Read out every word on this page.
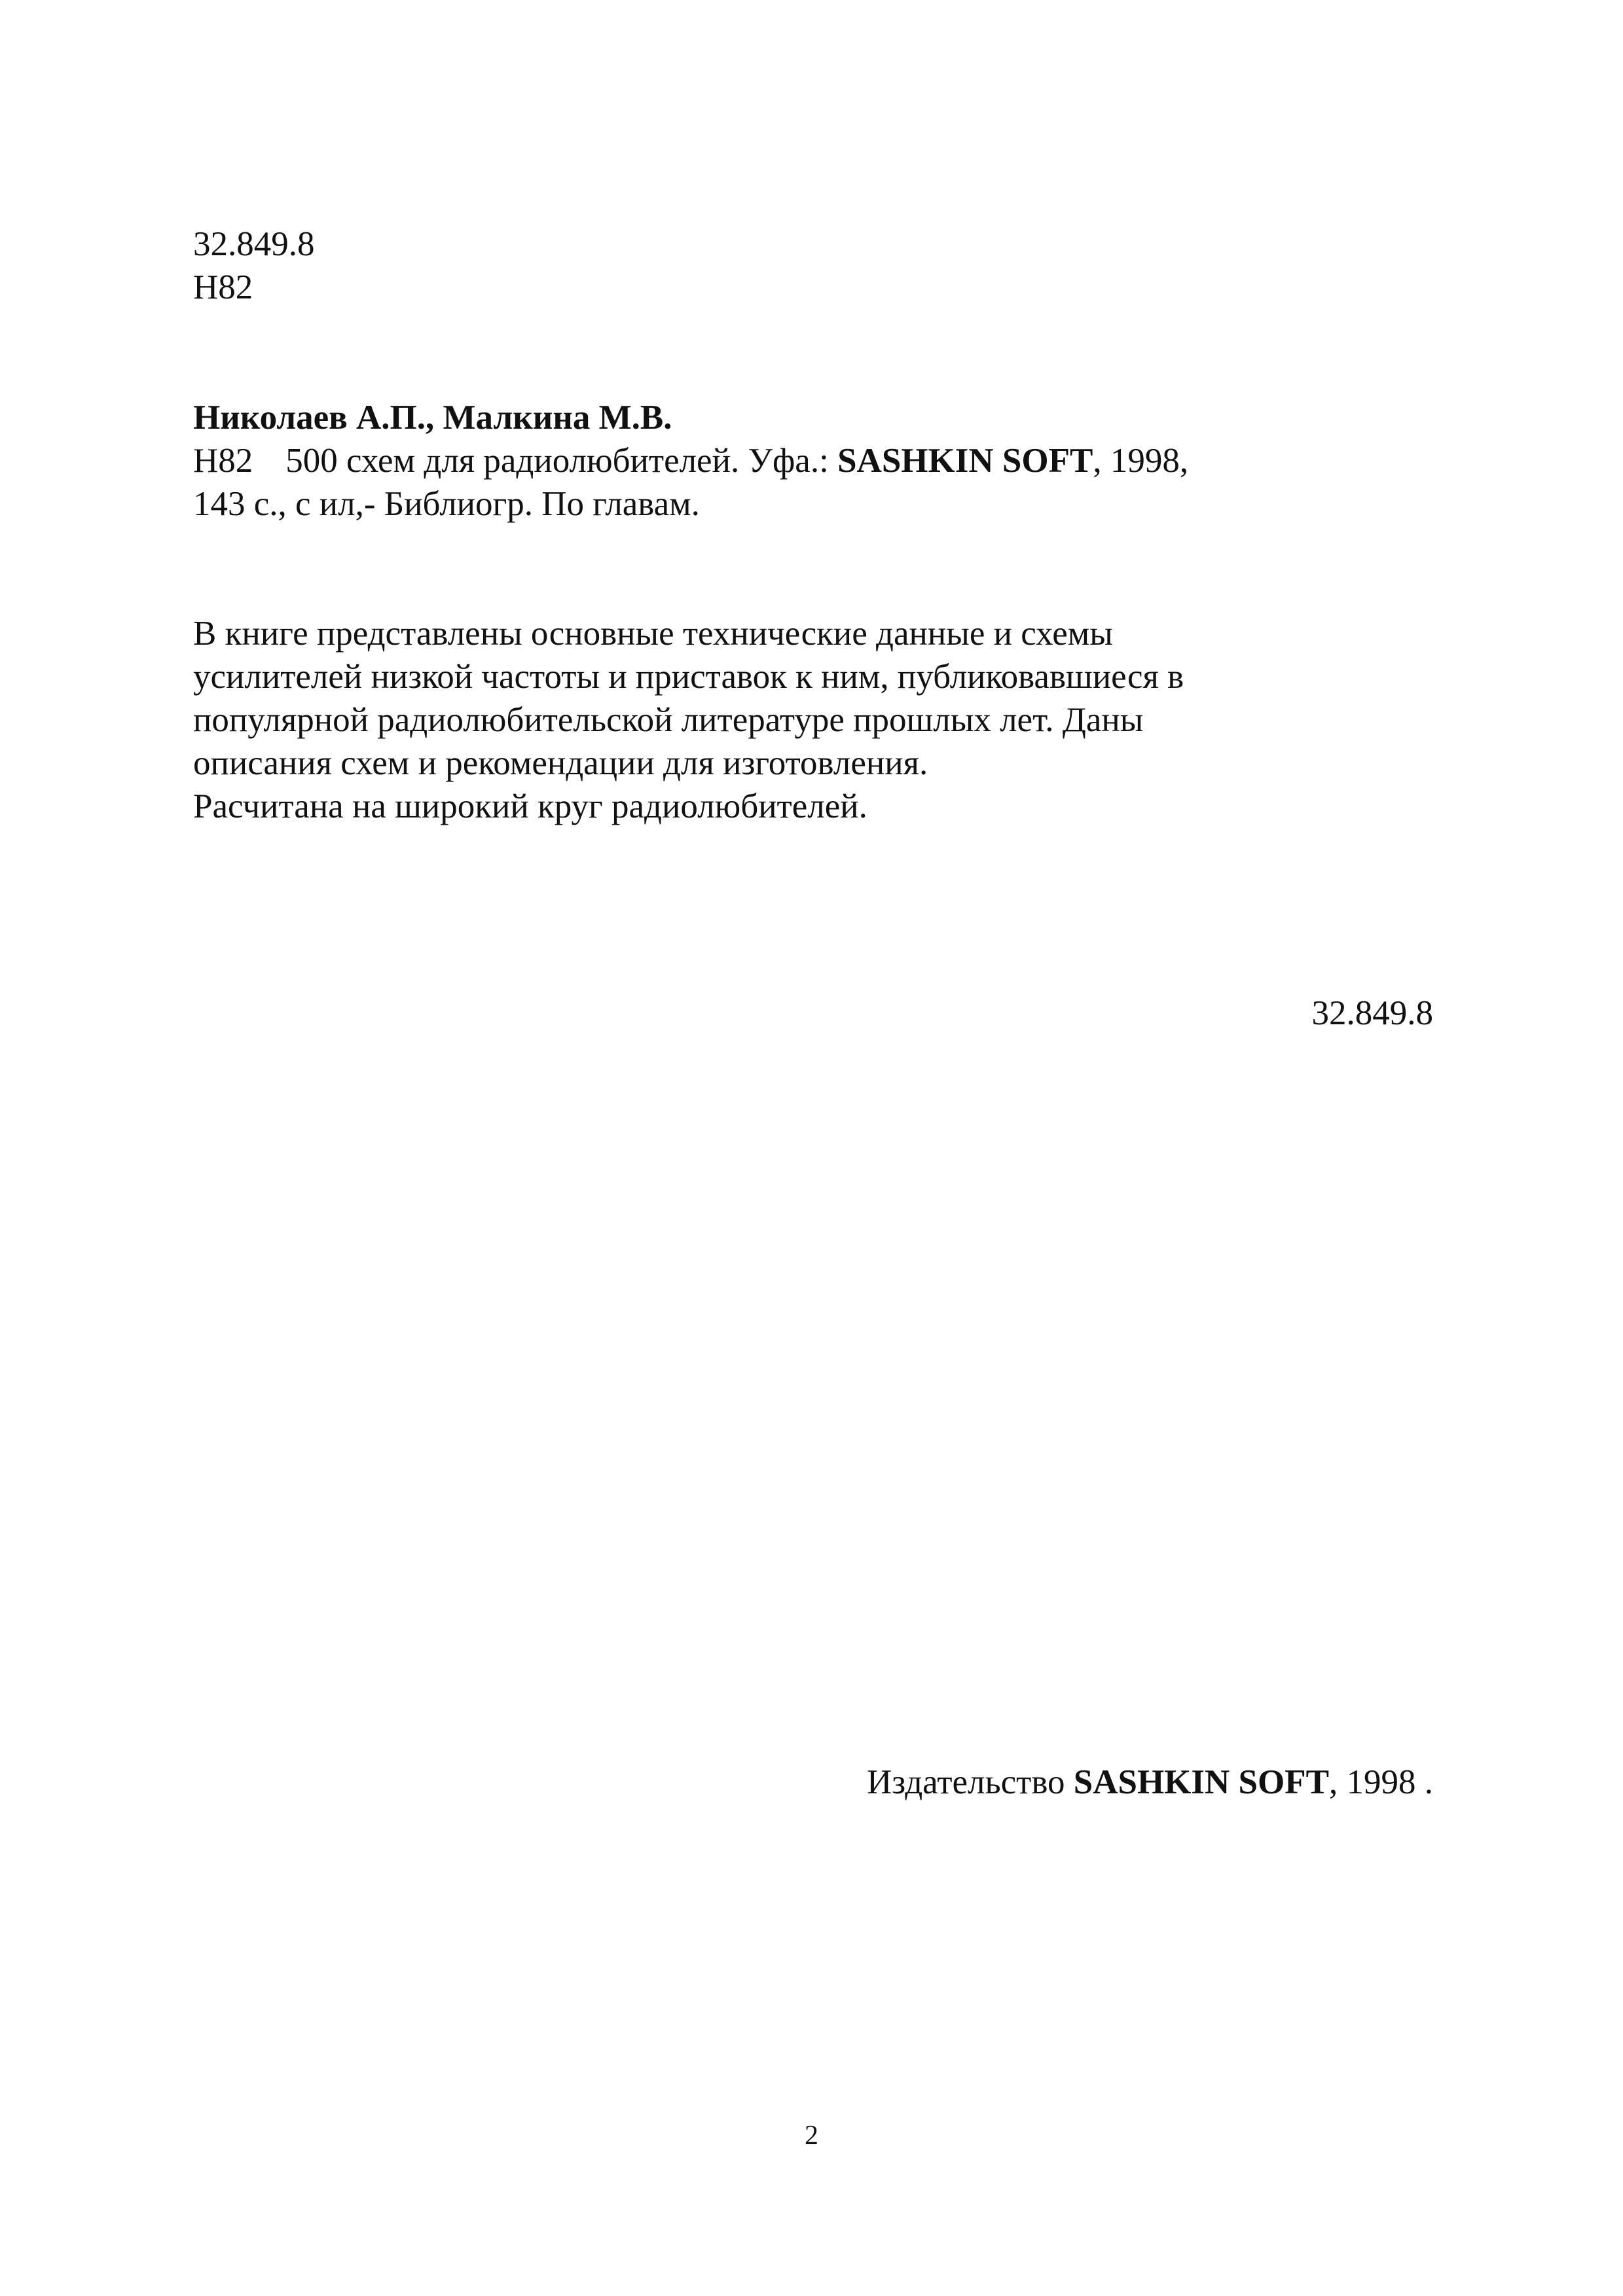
32.849.8
Н82
Николаев А.П., Малкина М.В.
Н82 500 схем для радиолюбителей. Уфа.: SASHKIN SOFT, 1998,
143 с., с ил,- Библиогр. По главам.
В книге представлены основные технические данные и схемы
усилителей низкой частоты и приставок к ним, публиковавшиеся в
популярной радиолюбительской литературе прошлых лет. Даны
описания схем и рекомендации для изготовления.
Расчитана на широкий круг радиолюбителей.
32.849.8
Издательство SASHKIN SOFT, 1998 .
2
